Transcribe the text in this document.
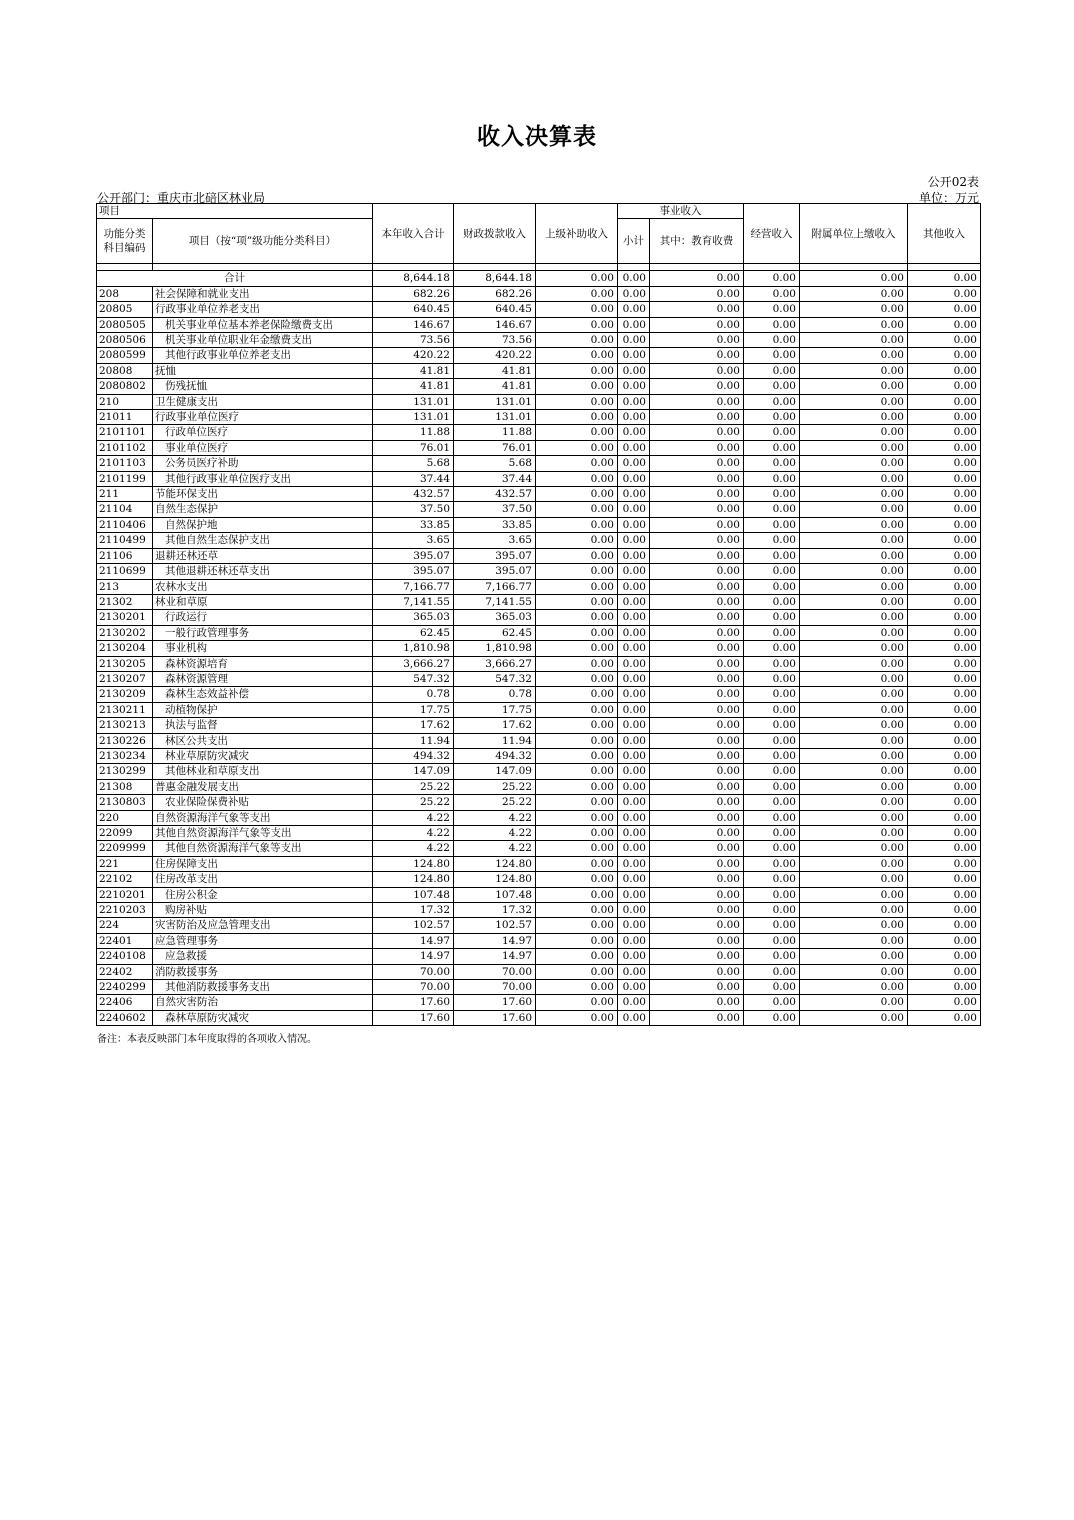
收入决算表
公开02表
公开部门：重庆市北碚区林业局	单位：万元
项目		本年收入合计	财政拨款收入	上级补助收入	事业收入		经营收入	附属单位上缴收入	其他收入
功能分类科目编码	项目（按“项”级功能分类科目）				小计	其中：教育收费			

合计		8,644.18	8,644.18	0.00	0.00	0.00	0.00	0.00	0.00
208	社会保障和就业支出	682.26	682.26	0.00	0.00	0.00	0.00	0.00	0.00
20805	行政事业单位养老支出	640.45	640.45	0.00	0.00	0.00	0.00	0.00	0.00
2080505	机关事业单位基本养老保险缴费支出	146.67	146.67	0.00	0.00	0.00	0.00	0.00	0.00
2080506	机关事业单位职业年金缴费支出	73.56	73.56	0.00	0.00	0.00	0.00	0.00	0.00
2080599	其他行政事业单位养老支出	420.22	420.22	0.00	0.00	0.00	0.00	0.00	0.00
20808	抚恤	41.81	41.81	0.00	0.00	0.00	0.00	0.00	0.00
2080802	伤残抚恤	41.81	41.81	0.00	0.00	0.00	0.00	0.00	0.00
210	卫生健康支出	131.01	131.01	0.00	0.00	0.00	0.00	0.00	0.00
21011	行政事业单位医疗	131.01	131.01	0.00	0.00	0.00	0.00	0.00	0.00
2101101	行政单位医疗	11.88	11.88	0.00	0.00	0.00	0.00	0.00	0.00
2101102	事业单位医疗	76.01	76.01	0.00	0.00	0.00	0.00	0.00	0.00
2101103	公务员医疗补助	5.68	5.68	0.00	0.00	0.00	0.00	0.00	0.00
2101199	其他行政事业单位医疗支出	37.44	37.44	0.00	0.00	0.00	0.00	0.00	0.00
211	节能环保支出	432.57	432.57	0.00	0.00	0.00	0.00	0.00	0.00
21104	自然生态保护	37.50	37.50	0.00	0.00	0.00	0.00	0.00	0.00
2110406	自然保护地	33.85	33.85	0.00	0.00	0.00	0.00	0.00	0.00
2110499	其他自然生态保护支出	3.65	3.65	0.00	0.00	0.00	0.00	0.00	0.00
21106	退耕还林还草	395.07	395.07	0.00	0.00	0.00	0.00	0.00	0.00
2110699	其他退耕还林还草支出	395.07	395.07	0.00	0.00	0.00	0.00	0.00	0.00
213	农林水支出	7,166.77	7,166.77	0.00	0.00	0.00	0.00	0.00	0.00
21302	林业和草原	7,141.55	7,141.55	0.00	0.00	0.00	0.00	0.00	0.00
2130201	行政运行	365.03	365.03	0.00	0.00	0.00	0.00	0.00	0.00
2130202	一般行政管理事务	62.45	62.45	0.00	0.00	0.00	0.00	0.00	0.00
2130204	事业机构	1,810.98	1,810.98	0.00	0.00	0.00	0.00	0.00	0.00
2130205	森林资源培育	3,666.27	3,666.27	0.00	0.00	0.00	0.00	0.00	0.00
2130207	森林资源管理	547.32	547.32	0.00	0.00	0.00	0.00	0.00	0.00
2130209	森林生态效益补偿	0.78	0.78	0.00	0.00	0.00	0.00	0.00	0.00
2130211	动植物保护	17.75	17.75	0.00	0.00	0.00	0.00	0.00	0.00
2130213	执法与监督	17.62	17.62	0.00	0.00	0.00	0.00	0.00	0.00
2130226	林区公共支出	11.94	11.94	0.00	0.00	0.00	0.00	0.00	0.00
2130234	林业草原防灾减灾	494.32	494.32	0.00	0.00	0.00	0.00	0.00	0.00
2130299	其他林业和草原支出	147.09	147.09	0.00	0.00	0.00	0.00	0.00	0.00
21308	普惠金融发展支出	25.22	25.22	0.00	0.00	0.00	0.00	0.00	0.00
2130803	农业保险保费补贴	25.22	25.22	0.00	0.00	0.00	0.00	0.00	0.00
220	自然资源海洋气象等支出	4.22	4.22	0.00	0.00	0.00	0.00	0.00	0.00
22099	其他自然资源海洋气象等支出	4.22	4.22	0.00	0.00	0.00	0.00	0.00	0.00
2209999	其他自然资源海洋气象等支出	4.22	4.22	0.00	0.00	0.00	0.00	0.00	0.00
221	住房保障支出	124.80	124.80	0.00	0.00	0.00	0.00	0.00	0.00
22102	住房改革支出	124.80	124.80	0.00	0.00	0.00	0.00	0.00	0.00
2210201	住房公积金	107.48	107.48	0.00	0.00	0.00	0.00	0.00	0.00
2210203	购房补贴	17.32	17.32	0.00	0.00	0.00	0.00	0.00	0.00
224	灾害防治及应急管理支出	102.57	102.57	0.00	0.00	0.00	0.00	0.00	0.00
22401	应急管理事务	14.97	14.97	0.00	0.00	0.00	0.00	0.00	0.00
2240108	应急救援	14.97	14.97	0.00	0.00	0.00	0.00	0.00	0.00
22402	消防救援事务	70.00	70.00	0.00	0.00	0.00	0.00	0.00	0.00
2240299	其他消防救援事务支出	70.00	70.00	0.00	0.00	0.00	0.00	0.00	0.00
22406	自然灾害防治	17.60	17.60	0.00	0.00	0.00	0.00	0.00	0.00
2240602	森林草原防灾减灾	17.60	17.60	0.00	0.00	0.00	0.00	0.00	0.00
备注：本表反映部门本年度取得的各项收入情况。
